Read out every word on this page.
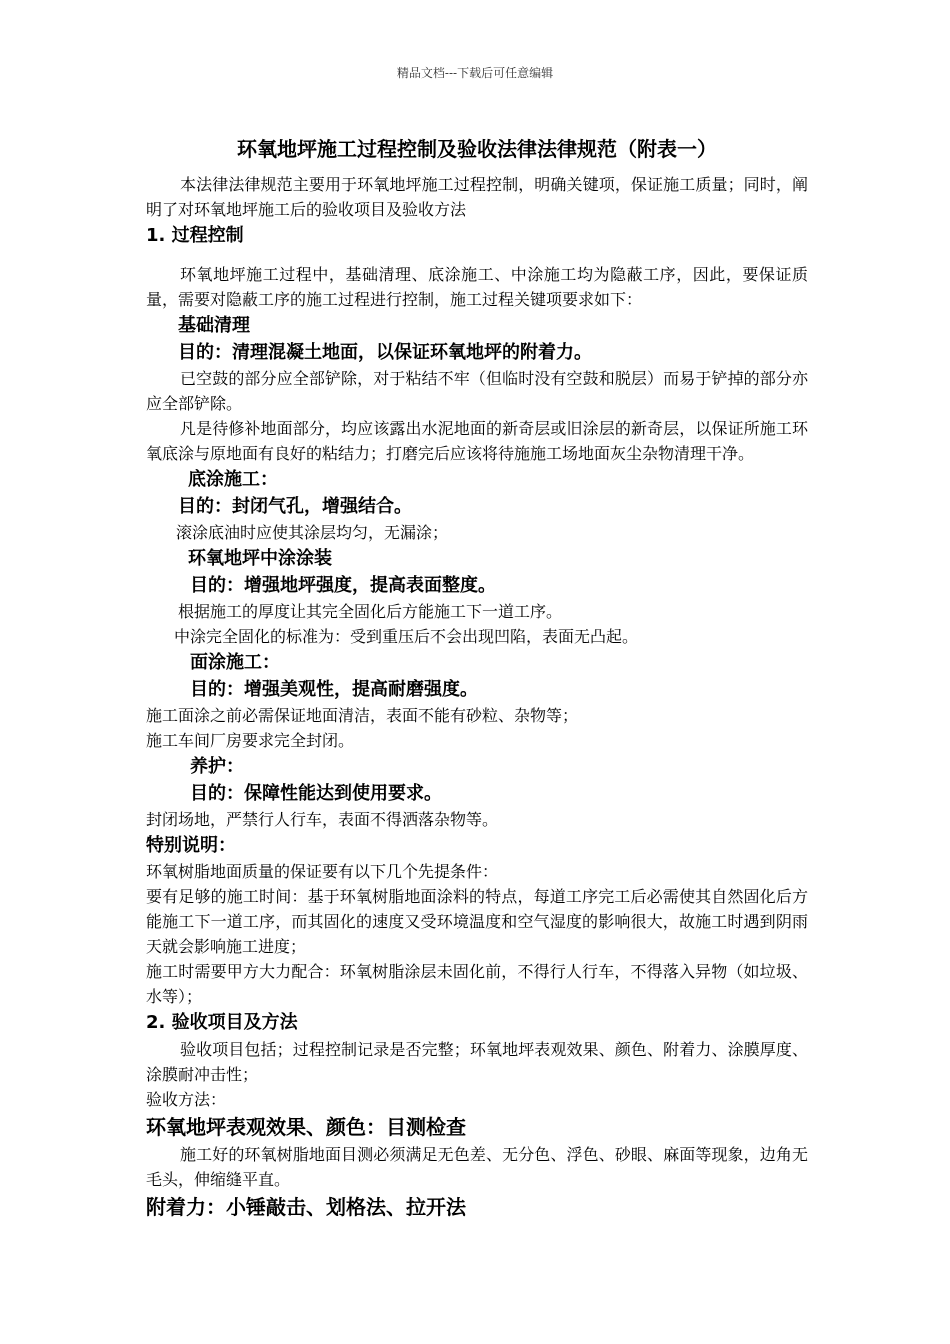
精品文档---下载后可任意编辑
环氧地坪施工过程控制及验收法律法律规范（附表一）

本法律法律规范主要用于环氧地坪施工过程控制，明确关键项，保证施工质量；同时，阐明了对环氧地坪施工后的验收项目及验收方法

1. 过程控制

环氧地坪施工过程中，基础清理、底涂施工、中涂施工均为隐蔽工序，因此，要保证质量，需要对隐蔽工序的施工过程进行控制，施工过程关键项要求如下：

基础清理
目的：清理混凝土地面，以保证环氧地坪的附着力。

已空鼓的部分应全部铲除，对于粘结不牢（但临时没有空鼓和脱层）而易于铲掉的部分亦应全部铲除。

凡是待修补地面部分，均应该露出水泥地面的新奇层或旧涂层的新奇层，以保证所施工环氧底涂与原地面有良好的粘结力；打磨完后应该将待施施工场地面灰尘杂物清理干净。

底涂施工：
目的：封闭气孔，增强结合。

滚涂底油时应使其涂层均匀，无漏涂；

环氧地坪中涂涂装
目的：增强地坪强度，提高表面整度。

根据施工的厚度让其完全固化后方能施工下一道工序。

中涂完全固化的标准为：受到重压后不会出现凹陷，表面无凸起。

面涂施工：
目的：增强美观性，提高耐磨强度。

施工面涂之前必需保证地面清洁，表面不能有砂粒、杂物等；

施工车间厂房要求完全封闭。

养护：
目的：保障性能达到使用要求。

封闭场地，严禁行人行车，表面不得洒落杂物等。

特别说明：

环氧树脂地面质量的保证要有以下几个先提条件：

要有足够的施工时间：基于环氧树脂地面涂料的特点，每道工序完工后必需使其自然固化后方能施工下一道工序，而其固化的速度又受环境温度和空气湿度的影响很大，故施工时遇到阴雨天就会影响施工进度；

施工时需要甲方大力配合：环氧树脂涂层未固化前，不得行人行车，不得落入异物（如垃圾、水等）；

2. 验收项目及方法

验收项目包括；过程控制记录是否完整；环氧地坪表观效果、颜色、附着力、涂膜厚度、涂膜耐冲击性；

验收方法：

环氧地坪表观效果、颜色：目测检查

施工好的环氧树脂地面目测必须满足无色差、无分色、浮色、砂眼、麻面等现象，边角无毛头，伸缩缝平直。

附着力：小锤敲击、划格法、拉开法
